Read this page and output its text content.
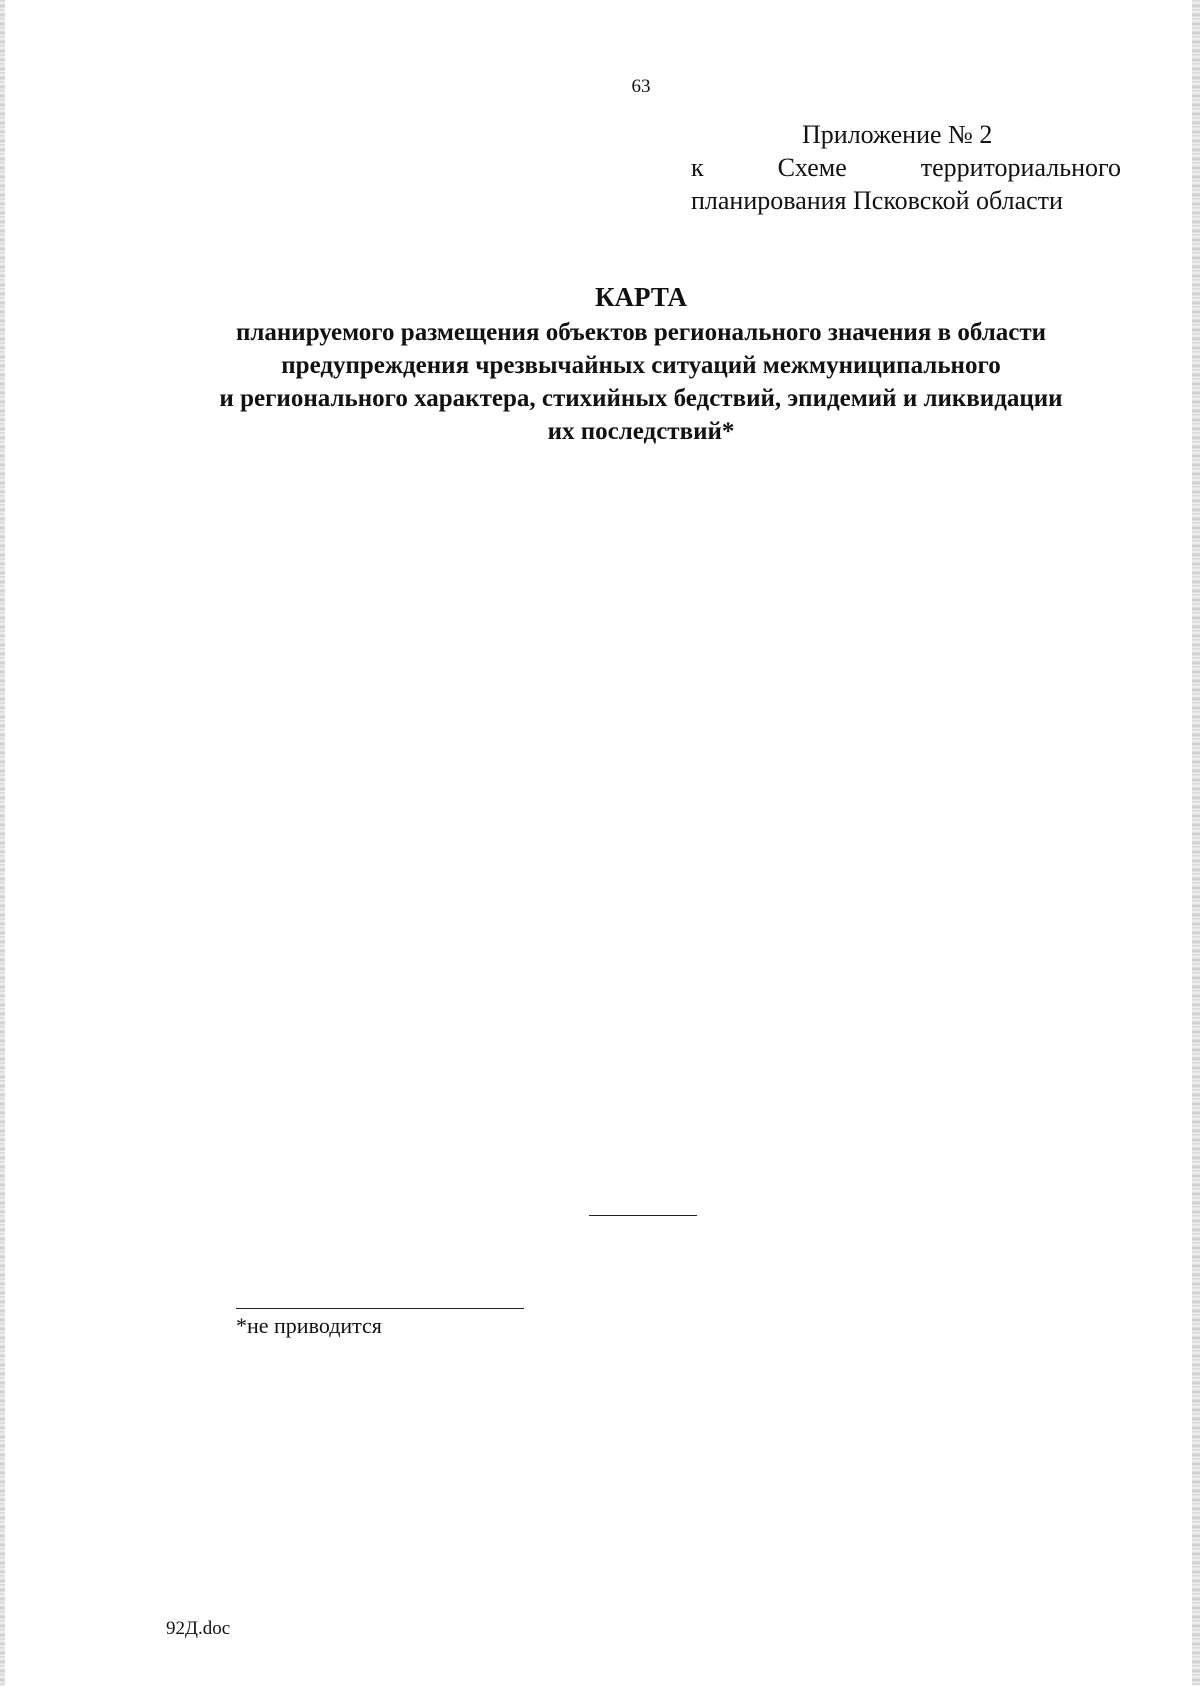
63
Приложение № 2
к	Схеме	территориального
планирования Псковской области
КАРТА
планируемого размещения объектов регионального значения в области
предупреждения чрезвычайных ситуаций межмуниципального
и регионального характера, стихийных бедствий, эпидемий и ликвидации
их последствий*
*не приводится
92Д.doc
